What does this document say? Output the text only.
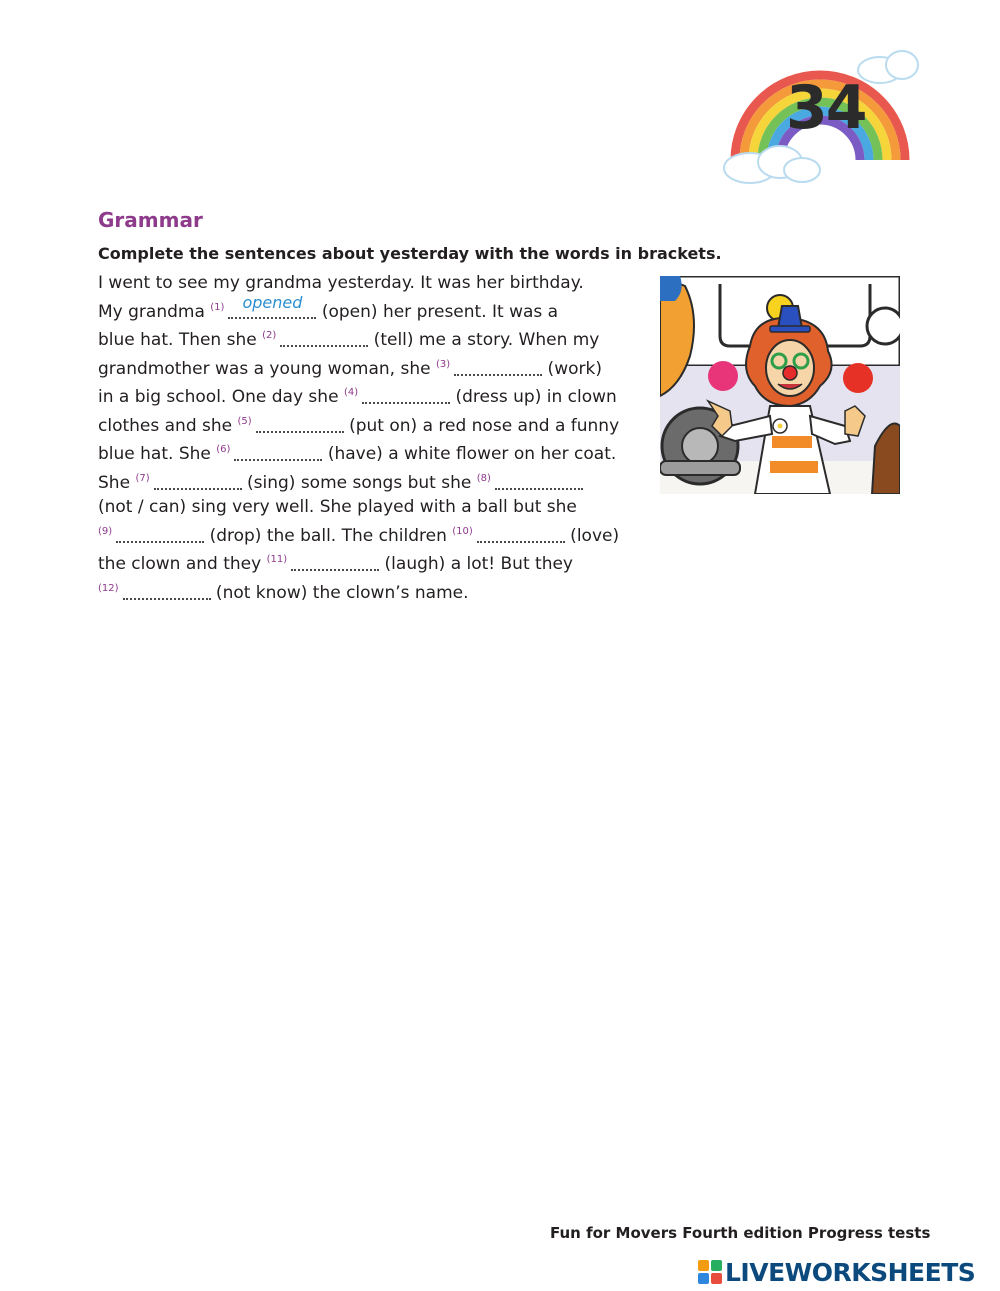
34
Grammar

Complete the sentences about yesterday with the words in brackets.

I went to see my grandma yesterday. It was her birthday.
My grandma $^{(1)}$	opened (open) her present. It was a
blue hat. Then she $^{(2)}$	(tell) me a story. When my
grandmother was a young woman, she $^{(3)}$	(work)
in a big school. One day she $^{(4)}$	(dress up) in clown
clothes and she $^{(5)}$	(put on) a red nose and a funny
blue hat. She $^{(6)}$	(have) a white flower on her coat.
She $^{(7)}$	(sing) some songs but she $^{(8)}$
(not / can) sing very well. She played with a ball but she
$^{(9)}$	(drop) the ball. The children $^{(10)}$	(love)
the clown and they $^{(11)}$	(laugh) a lot! But they
$^{(12)}$	(not know) the clown’s name.
Fun for Movers Fourth edition Progress tests
LIVEWORKSHEETS
